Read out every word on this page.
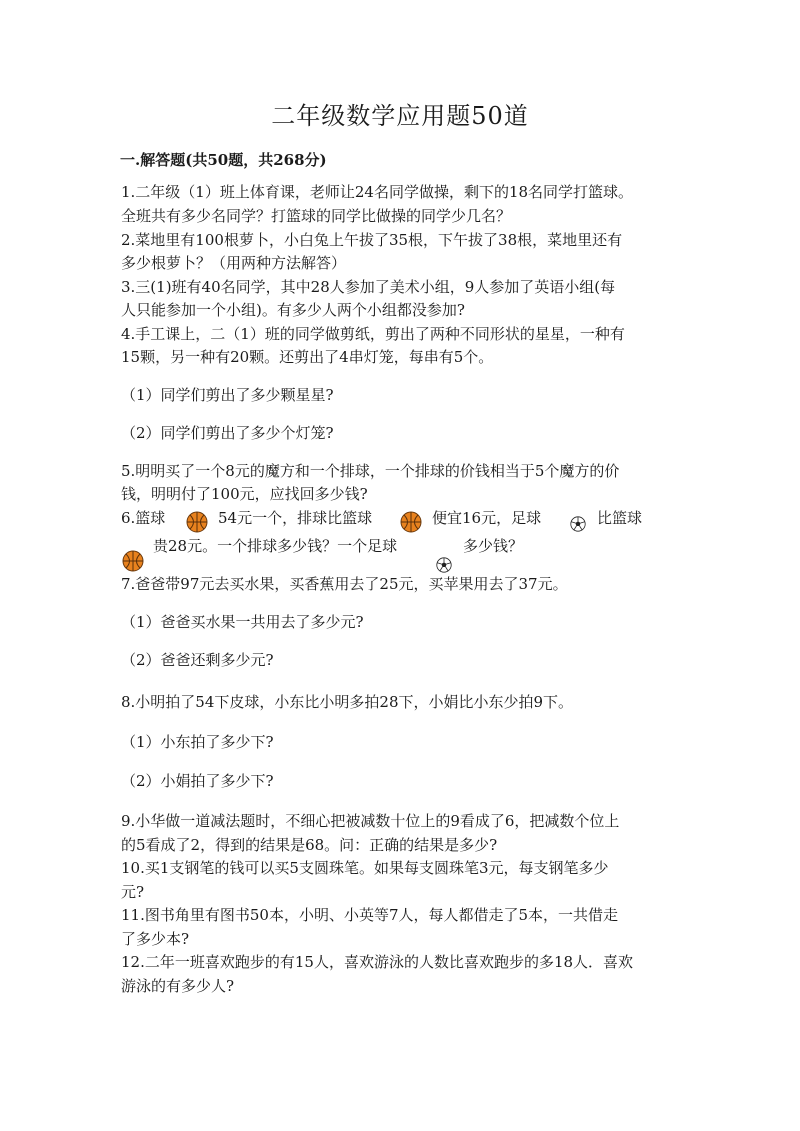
二年级数学应用题50道
一.解答题(共50题，共268分)
1.二年级（1）班上体育课，老师让24名同学做操，剩下的18名同学打篮球。
全班共有多少名同学？打篮球的同学比做操的同学少几名？
2.菜地里有100根萝卜，小白兔上午拔了35根，下午拔了38根，菜地里还有
多少根萝卜？（用两种方法解答）
3.三(1)班有40名同学，其中28人参加了美术小组，9人参加了英语小组(每
人只能参加一个小组)。有多少人两个小组都没参加?
4.手工课上，二（1）班的同学做剪纸，剪出了两种不同形状的星星，一种有
15颗，另一种有20颗。还剪出了4串灯笼，每串有5个。
（1）同学们剪出了多少颗星星?
（2）同学们剪出了多少个灯笼?
5.明明买了一个8元的魔方和一个排球，一个排球的价钱相当于5个魔方的价
钱，明明付了100元，应找回多少钱?
6.篮球	54元一个，排球比篮球	便宜16元，足球	比篮球
贵28元。一个排球多少钱？一个足球	多少钱？
7.爸爸带97元去买水果，买香蕉用去了25元，买苹果用去了37元。
（1）爸爸买水果一共用去了多少元?
（2）爸爸还剩多少元?
8.小明拍了54下皮球，小东比小明多拍28下，小娟比小东少拍9下。
（1）小东拍了多少下?
（2）小娟拍了多少下?
9.小华做一道减法题时，不细心把被减数十位上的9看成了6，把减数个位上
的5看成了2，得到的结果是68。问：正确的结果是多少?
10.买1支钢笔的钱可以买5支圆珠笔。如果每支圆珠笔3元，每支钢笔多少
元?
11.图书角里有图书50本，小明、小英等7人，每人都借走了5本，一共借走
了多少本?
12.二年一班喜欢跑步的有15人，喜欢游泳的人数比喜欢跑步的多18人．喜欢
游泳的有多少人?
